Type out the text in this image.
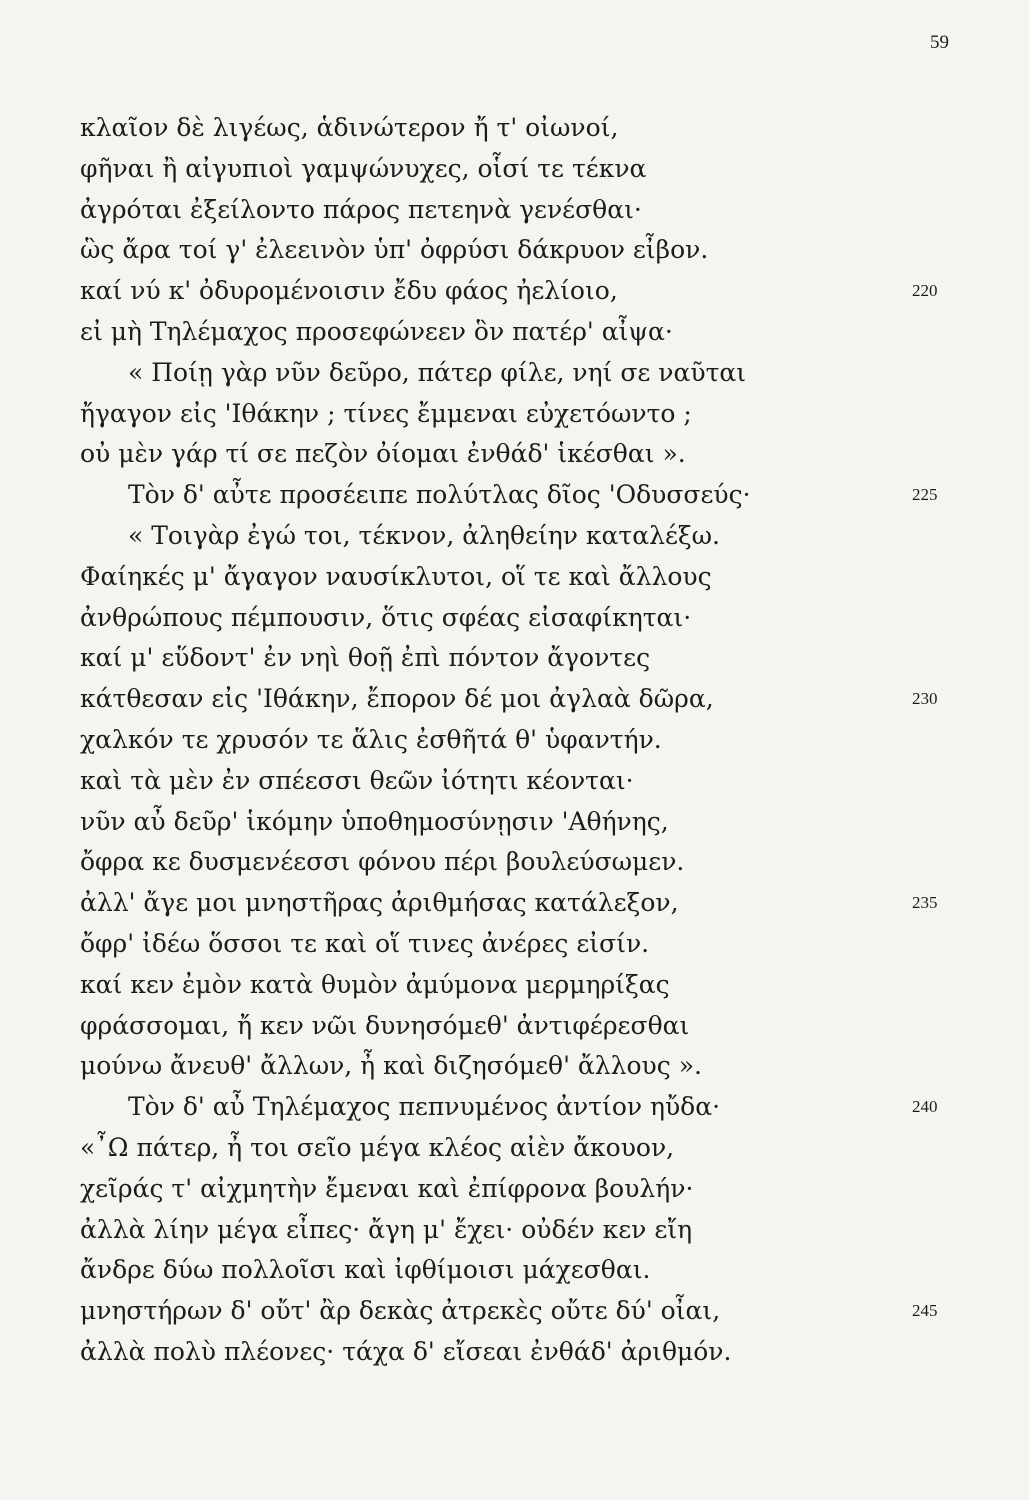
59
κλαῖον δὲ λιγέως, ἁδινώτερον ἤ τ' οἰωνοί,
φῆναι ἢ αἰγυπιοὶ γαμψώνυχες, οἷσί τε τέκνα
ἀγρόται ἐξείλοντο πάρος πετεηνὰ γενέσθαι·
ὣς ἄρα τοί γ' ἐλεεινὸν ὑπ' ὀφρύσι δάκρυον εἶβον.
καί νύ κ' ὀδυρομένοισιν ἔδυ φάος ἠελίοιο,	220
εἰ μὴ Τηλέμαχος προσεφώνεεν ὃν πατέρ' αἶψα·
« Ποίῃ γὰρ νῦν δεῦρο, πάτερ φίλε, νηί σε ναῦται
ἤγαγον εἰς 'Ιθάκην ; τίνες ἔμμεναι εὐχετόωντο ;
οὐ μὲν γάρ τί σε πεζὸν ὀίομαι ἐνθάδ' ἱκέσθαι ».
Τὸν δ' αὖτε προσέειπε πολύτλας δῖος 'Οδυσσεύς·	225
« Τοιγὰρ ἐγώ τοι, τέκνον, ἀληθείην καταλέξω.
Φαίηκές μ' ἄγαγον ναυσίκλυτοι, οἵ τε καὶ ἄλλους
ἀνθρώπους πέμπουσιν, ὅτις σφέας εἰσαφίκηται·
καί μ' εὕδοντ' ἐν νηὶ θοῇ ἐπὶ πόντον ἄγοντες
κάτθεσαν εἰς 'Ιθάκην, ἔπορον δέ μοι ἀγλαὰ δῶρα,	230
χαλκόν τε χρυσόν τε ἅλις ἐσθῆτά θ' ὑφαντήν.
καὶ τὰ μὲν ἐν σπέεσσι θεῶν ἰότητι κέονται·
νῦν αὖ δεῦρ' ἱκόμην ὑποθημοσύνῃσιν 'Αθήνης,
ὄφρα κε δυσμενέεσσι φόνου πέρι βουλεύσωμεν.
ἀλλ' ἄγε μοι μνηστῆρας ἀριθμήσας κατάλεξον,	235
ὄφρ' ἰδέω ὅσσοι τε καὶ οἵ τινες ἀνέρες εἰσίν.
καί κεν ἐμὸν κατὰ θυμὸν ἀμύμονα μερμηρίξας
φράσσομαι, ἤ κεν νῶι δυνησόμεθ' ἀντιφέρεσθαι
μούνω ἄνευθ' ἄλλων, ἦ καὶ διζησόμεθ' ἄλλους ».
Τὸν δ' αὖ Τηλέμαχος πεπνυμένος ἀντίον ηὔδα·	240
«῏Ω πάτερ, ἦ τοι σεῖο μέγα κλέος αἰὲν ἄκουον,
χεῖράς τ' αἰχμητὴν ἔμεναι καὶ ἐπίφρονα βουλήν·
ἀλλὰ λίην μέγα εἶπες· ἄγη μ' ἔχει· οὐδέν κεν εἴη
ἄνδρε δύω πολλοῖσι καὶ ἰφθίμοισι μάχεσθαι.
μνηστήρων δ' οὔτ' ἂρ δεκὰς ἀτρεκὲς οὔτε δύ' οἶαι,	245
ἀλλὰ πολὺ πλέονες· τάχα δ' εἴσεαι ἐνθάδ' ἀριθμόν.
